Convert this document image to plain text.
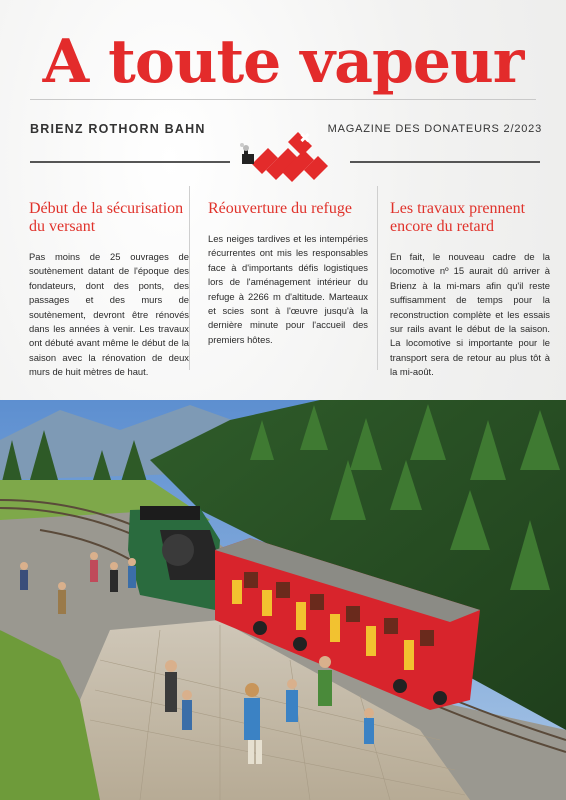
A toute vapeur
BRIENZ ROTHORN BAHN	MAGAZINE DES DONATEURS 2/2023
Début de la sécurisation du versant

Pas moins de 25 ouvrages de soutènement datant de l'époque des fondateurs, dont des ponts, des passages et des murs de soutènement, devront être rénovés dans les années à venir. Les travaux ont débuté avant même le début de la saison avec la rénovation de deux murs de huit mètres de haut.

Réouverture du refuge

Les neiges tardives et les intempéries récurrentes ont mis les responsables face à d'importants défis logistiques lors de l'aménagement intérieur du refuge à 2266 m d'altitude. Marteaux et scies sont à l'œuvre jusqu'à la dernière minute pour l'accueil des premiers hôtes.

Les travaux prennent encore du retard

En fait, le nouveau cadre de la locomotive nº 15 aurait dû arriver à Brienz à la mi-mars afin qu'il reste suffisamment de temps pour la reconstruction complète et les essais sur rails avant le début de la saison. La locomotive si importante pour le transport sera de retour au plus tôt à la mi-août.
